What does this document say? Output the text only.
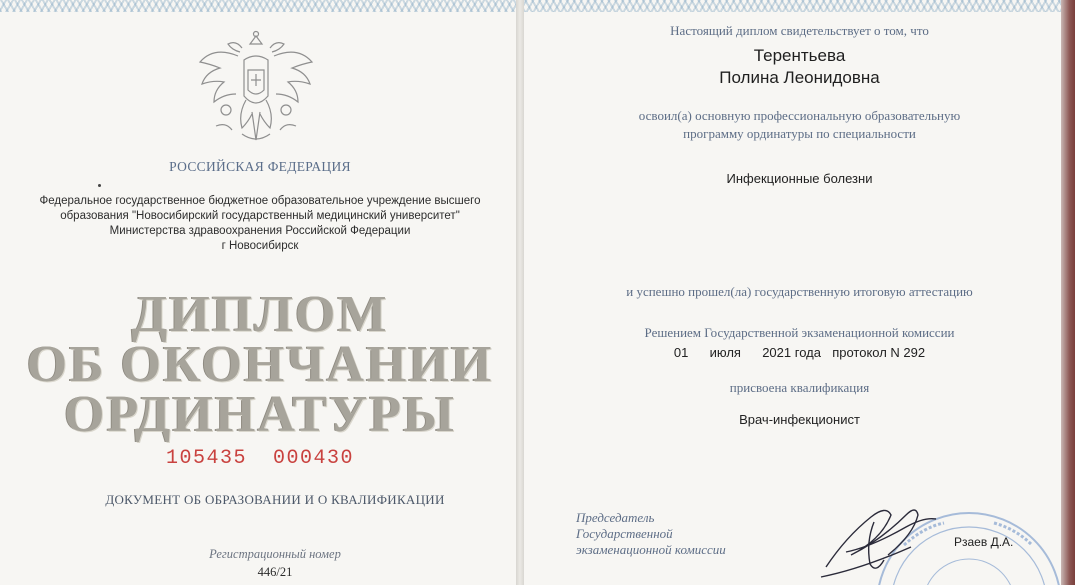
РОССИЙСКАЯ ФЕДЕРАЦИЯ
Федеральное государственное бюджетное образовательное учреждение высшего
образования "Новосибирский государственный медицинский университет"
Министерства здравоохранения Российской Федерации
г Новосибирск
ДИПЛОМ
ОБ ОКОНЧАНИИ
ОРДИНАТУРЫ
105435 000430
ДОКУМЕНТ ОБ ОБРАЗОВАНИИ И О КВАЛИФИКАЦИИ
Регистрационный номер
446/21
Настоящий диплом свидетельствует о том, что
Терентьева
Полина Леонидовна
освоил(а) основную профессиональную образовательную
программу ординатуры по специальности
Инфекционные болезни
и успешно прошел(ла) государственную итоговую аттестацию
Решением Государственной экзаменационной комиссии
01 июля 2021 года протокол N 292
присвоена квалификация
Врач-инфекционист
Председатель
Государственной
экзаменационной комиссии	Рзаев Д.А.
